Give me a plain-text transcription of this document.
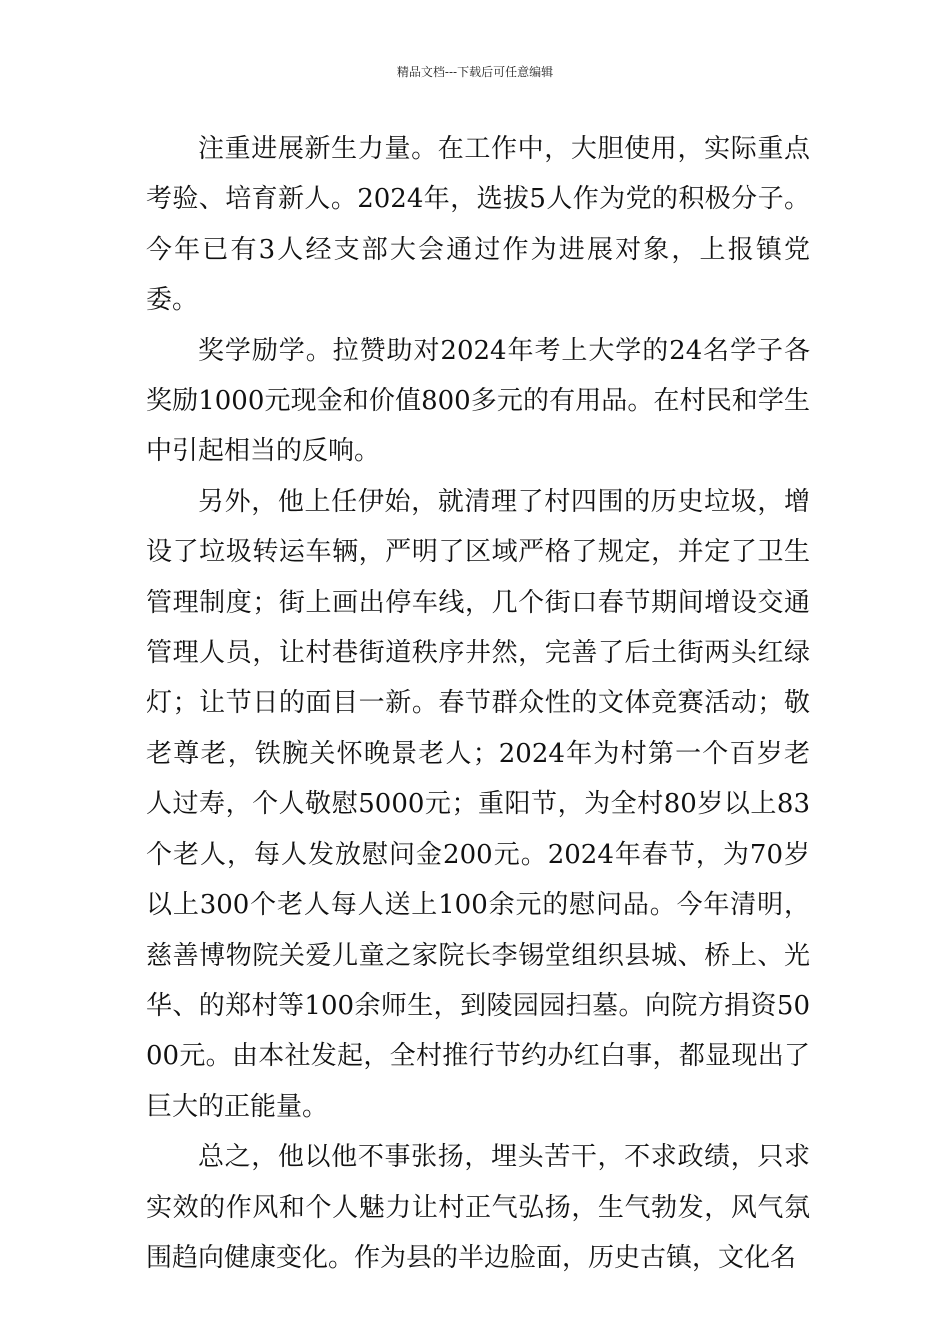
精品文档---下载后可任意编辑

注重进展新生力量。在工作中，大胆使用，实际重点考验、培育新人。2024年，选拔5人作为党的积极分子。今年已有3人经支部大会通过作为进展对象，上报镇党委。

奖学励学。拉赞助对2024年考上大学的24名学子各奖励1000元现金和价值800多元的有用品。在村民和学生中引起相当的反响。

另外，他上任伊始，就清理了村四围的历史垃圾，增设了垃圾转运车辆，严明了区域严格了规定，并定了卫生管理制度；街上画出停车线，几个街口春节期间增设交通管理人员，让村巷街道秩序井然，完善了后土街两头红绿灯；让节日的面目一新。春节群众性的文体竞赛活动；敬老尊老，铁腕关怀晚景老人；2024年为村第一个百岁老人过寿，个人敬慰5000元；重阳节，为全村80岁以上83个老人，每人发放慰问金200元。2024年春节，为70岁以上300个老人每人送上100余元的慰问品。今年清明，慈善博物院关爱儿童之家院长李锡堂组织县城、桥上、光华、的郑村等100余师生，到陵园园扫墓。向院方捐资5000元。由本社发起，全村推行节约办红白事，都显现出了巨大的正能量。

总之，他以他不事张扬，埋头苦干，不求政绩，只求实效的作风和个人魅力让村正气弘扬，生气勃发，风气氛围趋向健康变化。作为县的半边脸面，历史古镇，文化名
